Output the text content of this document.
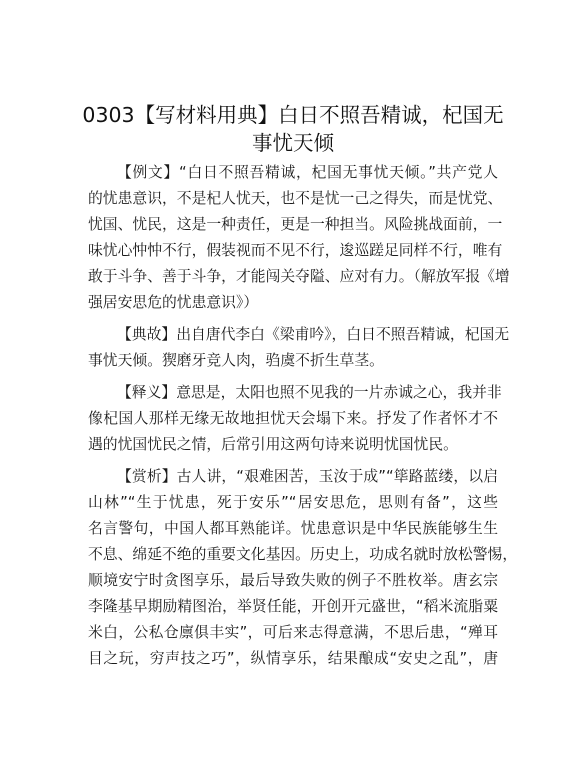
0303【写材料用典】白日不照吾精诚，杞国无
事忧天倾
【例文】“白日不照吾精诚，杞国无事忧天倾。”共产党人
的忧患意识，不是杞人忧天，也不是忧一己之得失，而是忧党、
忧国、忧民，这是一种责任，更是一种担当。风险挑战面前，一
味忧心忡忡不行，假装视而不见不行，逡巡蹉足同样不行，唯有
敢于斗争、善于斗争，才能闯关夺隘、应对有力。（解放军报《增
强居安思危的忧患意识》）
【典故】出自唐代李白《梁甫吟》，白日不照吾精诚，杞国无
事忧天倾。猰磨牙竞人肉，驺虞不折生草茎。
【释义】意思是，太阳也照不见我的一片赤诚之心，我并非
像杞国人那样无缘无故地担忧天会塌下来。抒发了作者怀才不
遇的忧国忧民之情，后常引用这两句诗来说明忧国忧民。
【赏析】古人讲，“艰难困苦，玉汝于成”“筚路蓝缕，以启
山林”“生于忧患，死于安乐”“居安思危，思则有备”，这些
名言警句，中国人都耳熟能详。忧患意识是中华民族能够生生
不息、绵延不绝的重要文化基因。历史上，功成名就时放松警惕，
顺境安宁时贪图享乐，最后导致失败的例子不胜枚举。唐玄宗
李隆基早期励精图治，举贤任能，开创开元盛世，“稻米流脂粟
米白，公私仓廪俱丰实”，可后来志得意满，不思后患，“殚耳
目之玩，穷声技之巧”，纵情享乐，结果酿成“安史之乱”，唐
